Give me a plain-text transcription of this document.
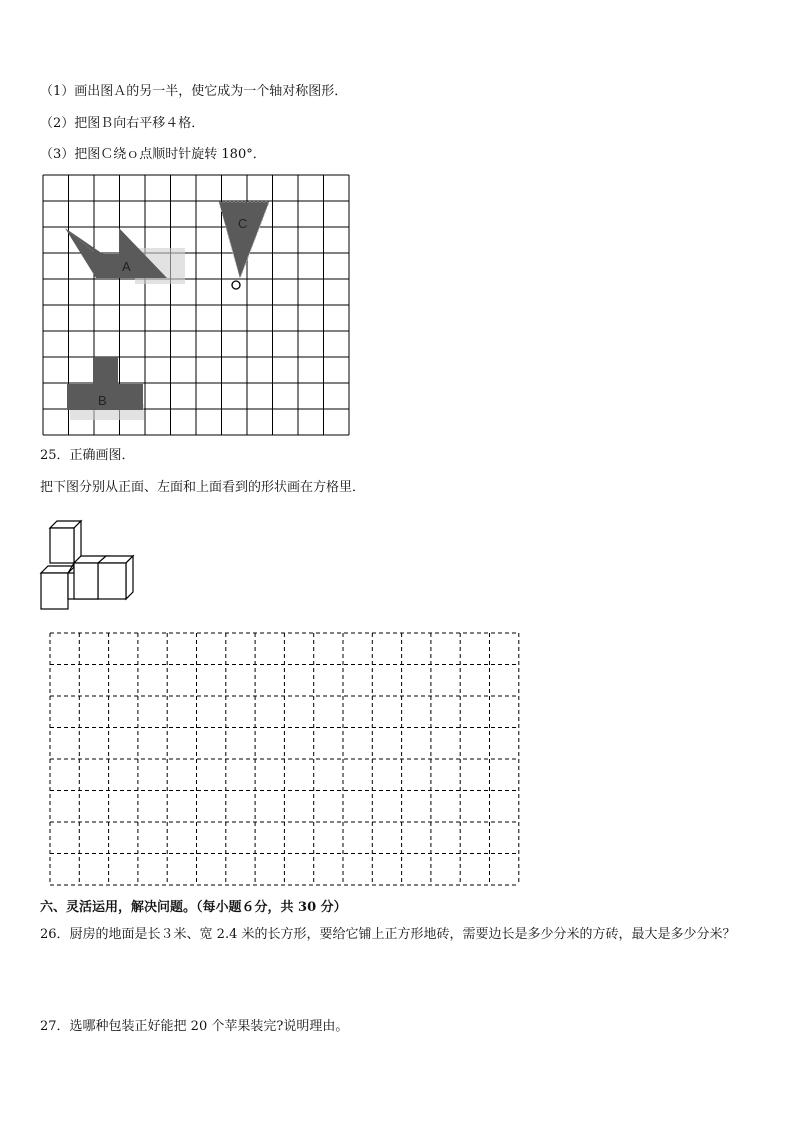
（1）画出图Ａ的另一半，使它成为一个轴对称图形．
（2）把图Ｂ向右平移４格．
（3）把图Ｃ绕ｏ点顺时针旋转 180°．
A
B
C
25．正确画图．
把下图分别从正面、左面和上面看到的形状画在方格里．
六、灵活运用，解决问题。（每小题６分，共 30 分）
26．厨房的地面是长３米、宽 2.4 米的长方形，要给它铺上正方形地砖，需要边长是多少分米的方砖，最大是多少分米？
27．选哪种包装正好能把 20 个苹果装完?说明理由。
